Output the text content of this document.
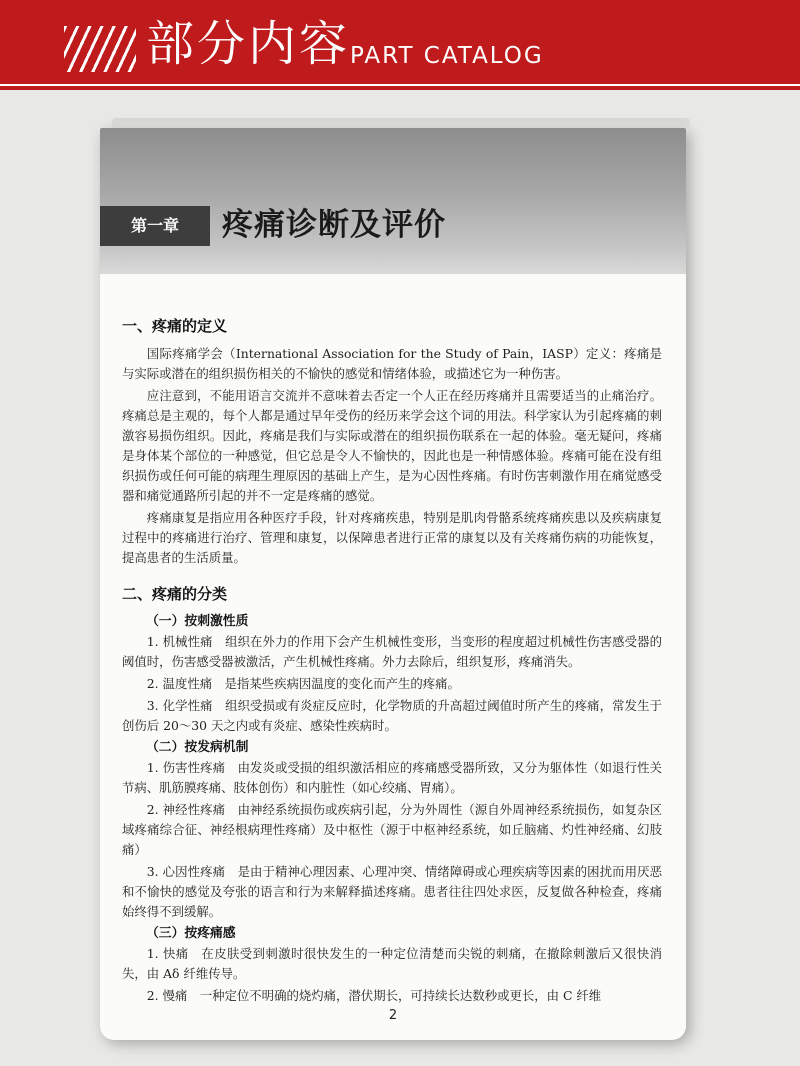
部分内容 PART CATALOG
第一章	疼痛诊断及评价
一、疼痛的定义

国际疼痛学会（International Association for the Study of Pain，IASP）定义：疼痛是与实际或潜在的组织损伤相关的不愉快的感觉和情绪体验，或描述它为一种伤害。

应注意到，不能用语言交流并不意味着去否定一个人正在经历疼痛并且需要适当的止痛治疗。疼痛总是主观的，每个人都是通过早年受伤的经历来学会这个词的用法。科学家认为引起疼痛的刺激容易损伤组织。因此，疼痛是我们与实际或潜在的组织损伤联系在一起的体验。毫无疑问，疼痛是身体某个部位的一种感觉，但它总是令人不愉快的，因此也是一种情感体验。疼痛可能在没有组织损伤或任何可能的病理生理原因的基础上产生，是为心因性疼痛。有时伤害刺激作用在痛觉感受器和痛觉通路所引起的并不一定是疼痛的感觉。

疼痛康复是指应用各种医疗手段，针对疼痛疾患，特别是肌肉骨骼系统疼痛疾患以及疾病康复过程中的疼痛进行治疗、管理和康复，以保障患者进行正常的康复以及有关疼痛伤病的功能恢复，提高患者的生活质量。

二、疼痛的分类
（一）按刺激性质

1. 机械性痛　组织在外力的作用下会产生机械性变形，当变形的程度超过机械性伤害感受器的阈值时，伤害感受器被激活，产生机械性疼痛。外力去除后，组织复形，疼痛消失。

2. 温度性痛　是指某些疾病因温度的变化而产生的疼痛。

3. 化学性痛　组织受损或有炎症反应时，化学物质的升高超过阈值时所产生的疼痛，常发生于创伤后 20～30 天之内或有炎症、感染性疾病时。

（二）按发病机制

1. 伤害性疼痛　由发炎或受损的组织激活相应的疼痛感受器所致，又分为躯体性（如退行性关节病、肌筋膜疼痛、肢体创伤）和内脏性（如心绞痛、胃痛）。

2. 神经性疼痛　由神经系统损伤或疾病引起，分为外周性（源自外周神经系统损伤，如复杂区域疼痛综合征、神经根病理性疼痛）及中枢性（源于中枢神经系统，如丘脑痛、灼性神经痛、幻肢痛）

3. 心因性疼痛　是由于精神心理因素、心理冲突、情绪障碍或心理疾病等因素的困扰而用厌恶和不愉快的感觉及夸张的语言和行为来解释描述疼痛。患者往往四处求医，反复做各种检查，疼痛始终得不到缓解。

（三）按疼痛感

1. 快痛　在皮肤受到刺激时很快发生的一种定位清楚而尖锐的刺痛，在撤除刺激后又很快消失，由 Aδ 纤维传导。

2. 慢痛　一种定位不明确的烧灼痛，潜伏期长，可持续长达数秒或更长，由 C 纤维

2
